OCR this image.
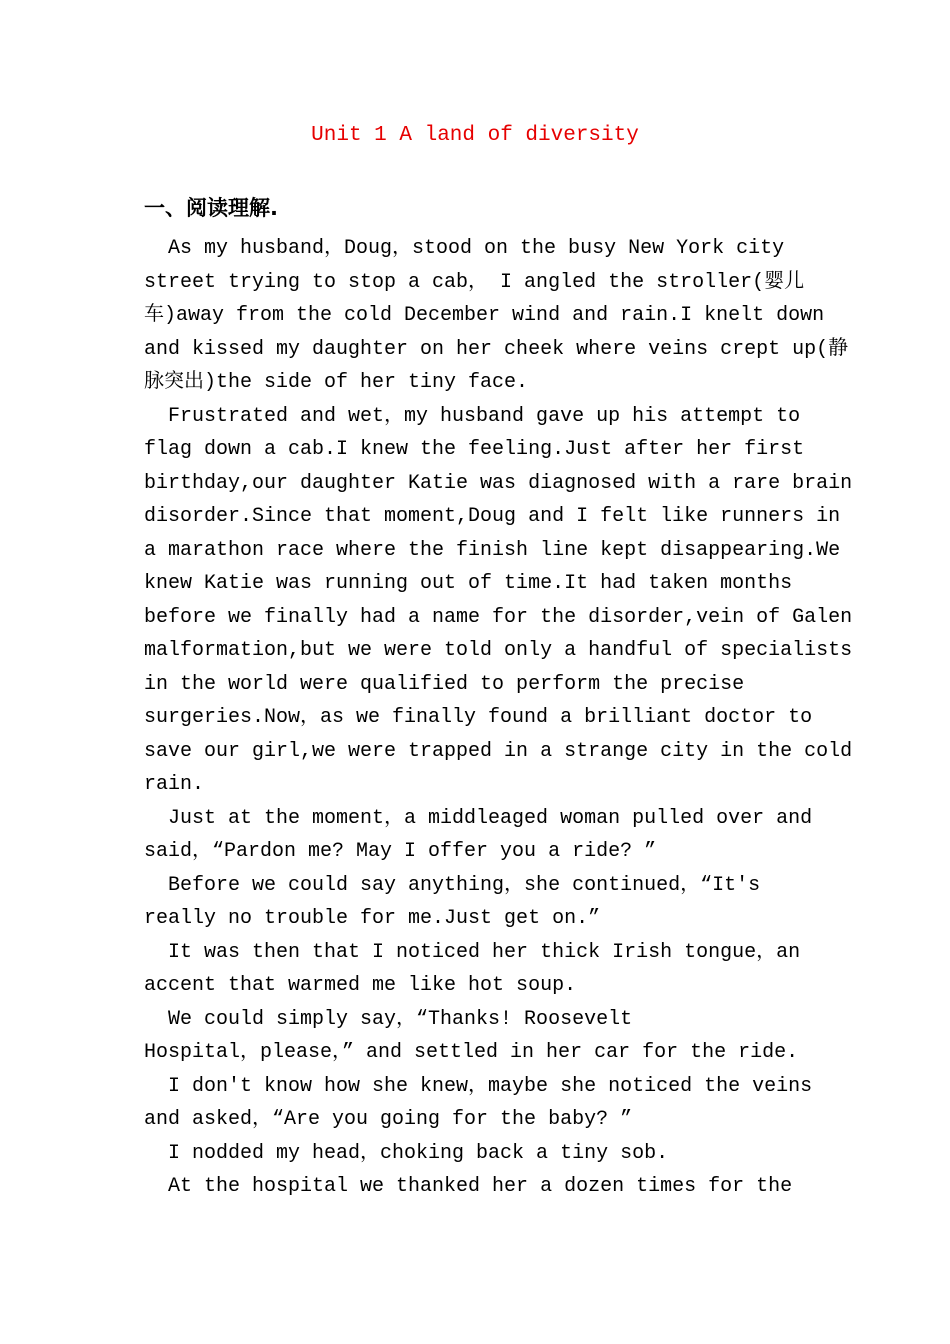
Unit 1 A land of diversity
一、阅读理解.
As my husband，Doug，stood on the busy New York city
street trying to stop a cab， I angled the stroller(婴儿
车)away from the cold December wind and rain.I knelt down
and kissed my daughter on her cheek where veins crept up(静
脉突出)the side of her tiny face.
Frustrated and wet，my husband gave up his attempt to
flag down a cab.I knew the feeling.Just after her first
birthday,our daughter Katie was diagnosed with a rare brain
disorder.Since that moment,Doug and I felt like runners in
a marathon race where the finish line kept disappearing.We
knew Katie was running out of time.It had taken months
before we finally had a name for the disorder,vein of Galen
malformation,but we were told only a handful of specialists
in the world were qualified to perform the precise
surgeries.Now，as we finally found a brilliant doctor to
save our girl,we were trapped in a strange city in the cold
rain.
Just at the moment，a middleaged woman pulled over and
said，“Pardon me? May I offer you a ride? ”
Before we could say anything，she continued，“It's
really no trouble for me.Just get on.”
It was then that I noticed her thick Irish tongue，an
accent that warmed me like hot soup.
We could simply say，“Thanks! Roosevelt
Hospital，please，” and settled in her car for the ride.
I don't know how she knew，maybe she noticed the veins
and asked，“Are you going for the baby? ”
I nodded my head，choking back a tiny sob.
At the hospital we thanked her a dozen times for the
